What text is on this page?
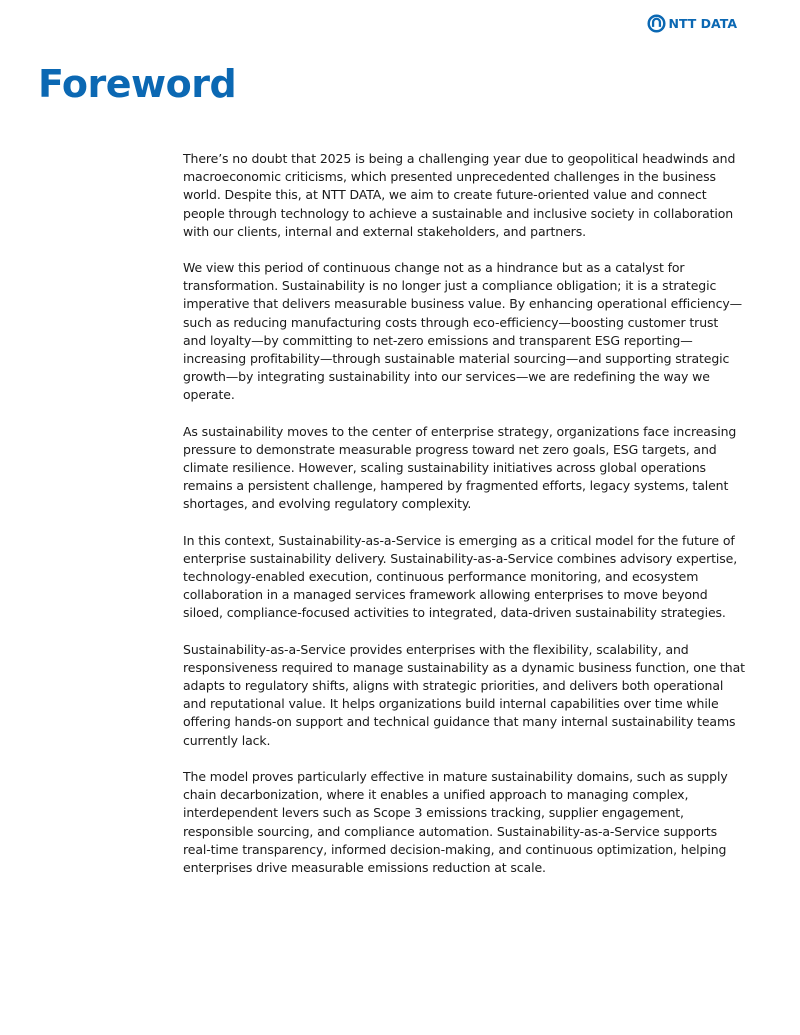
NTT DATA
Foreword

There’s no doubt that 2025 is being a challenging year due to geopolitical headwinds and macroeconomic criticisms, which presented unprecedented challenges in the business world. Despite this, at NTT DATA, we aim to create future-oriented value and connect people through technology to achieve a sustainable and inclusive society in collaboration with our clients, internal and external stakeholders, and partners.

We view this period of continuous change not as a hindrance but as a catalyst for transformation. Sustainability is no longer just a compliance obligation; it is a strategic imperative that delivers measurable business value. By enhancing operational efficiency—such as reducing manufacturing costs through eco-efficiency—boosting customer trust and loyalty—by committing to net-zero emissions and transparent ESG reporting—increasing profitability—through sustainable material sourcing—and supporting strategic growth—by integrating sustainability into our services—we are redefining the way we operate.

As sustainability moves to the center of enterprise strategy, organizations face increasing pressure to demonstrate measurable progress toward net zero goals, ESG targets, and climate resilience. However, scaling sustainability initiatives across global operations remains a persistent challenge, hampered by fragmented efforts, legacy systems, talent shortages, and evolving regulatory complexity.

In this context, Sustainability-as-a-Service is emerging as a critical model for the future of enterprise sustainability delivery. Sustainability-as-a-Service combines advisory expertise, technology-enabled execution, continuous performance monitoring, and ecosystem collaboration in a managed services framework allowing enterprises to move beyond siloed, compliance-focused activities to integrated, data-driven sustainability strategies.

Sustainability-as-a-Service provides enterprises with the flexibility, scalability, and responsiveness required to manage sustainability as a dynamic business function, one that adapts to regulatory shifts, aligns with strategic priorities, and delivers both operational and reputational value. It helps organizations build internal capabilities over time while offering hands-on support and technical guidance that many internal sustainability teams currently lack.

The model proves particularly effective in mature sustainability domains, such as supply chain decarbonization, where it enables a unified approach to managing complex, interdependent levers such as Scope 3 emissions tracking, supplier engagement, responsible sourcing, and compliance automation. Sustainability-as-a-Service supports real-time transparency, informed decision-making, and continuous optimization, helping enterprises drive measurable emissions reduction at scale.
